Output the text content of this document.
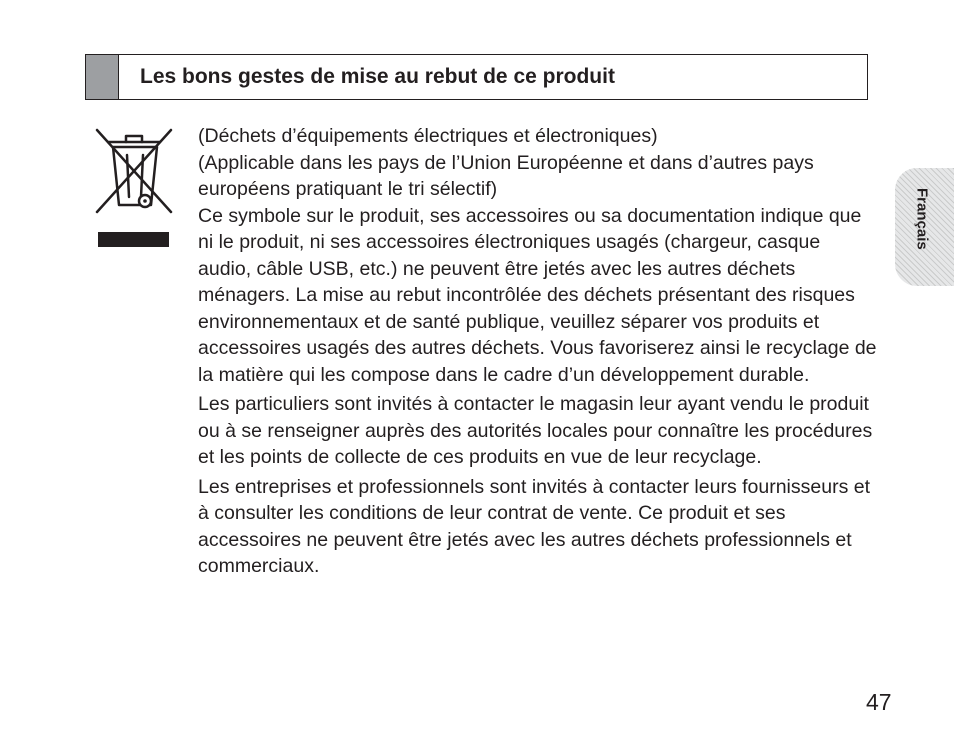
Les bons gestes de mise au rebut de ce produit

(Déchets d’équipements électriques et électroniques)

(Applicable dans les pays de l’Union Européenne et dans d’autres pays européens pratiquant le tri sélectif)

Ce symbole sur le produit, ses accessoires ou sa documentation indique que ni le produit, ni ses accessoires électroniques usagés (chargeur, casque audio, câble USB, etc.) ne peuvent être jetés avec les autres déchets ménagers. La mise au rebut incontrôlée des déchets présentant des risques environnementaux et de santé publique, veuillez séparer vos produits et accessoires usagés des autres déchets. Vous favoriserez ainsi le recyclage de la matière qui les compose dans le cadre d’un développement durable.

Les particuliers sont invités à contacter le magasin leur ayant vendu le produit ou à se renseigner auprès des autorités locales pour connaître les procédures et les points de collecte de ces produits en vue de leur recyclage.

Les entreprises et professionnels sont invités à contacter leurs fournisseurs et à consulter les conditions de leur contrat de vente. Ce produit et ses accessoires ne peuvent être jetés avec les autres déchets professionnels et commerciaux.

Français
47
